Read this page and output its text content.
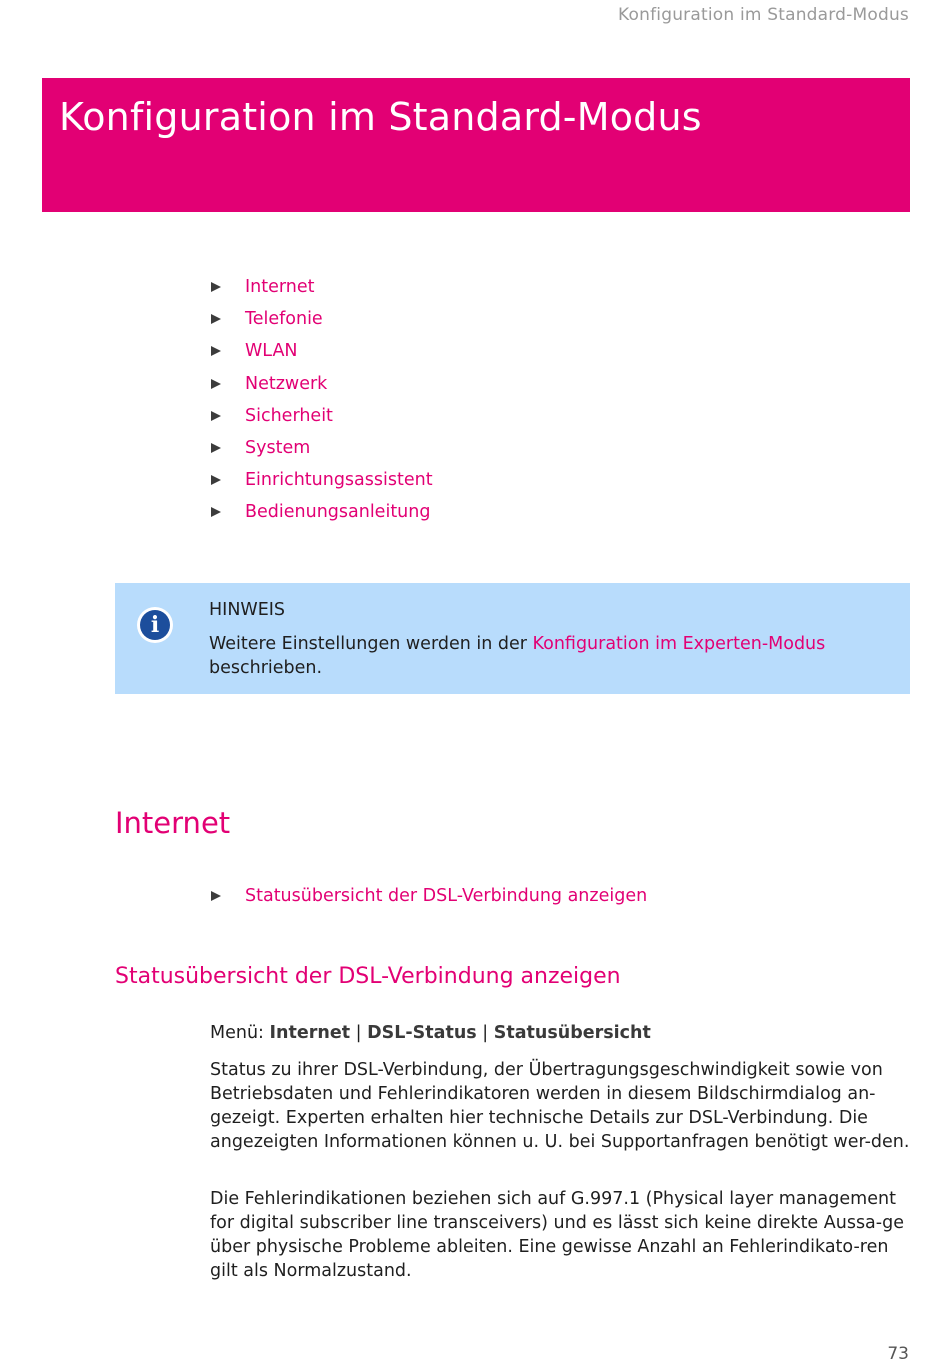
Konfiguration im Standard-Modus
Konfiguration im Standard-Modus
Internet
Telefonie
WLAN
Netzwerk
Sicherheit
System
Einrichtungsassistent
Bedienungsanleitung
i
HINWEIS
Weitere Einstellungen werden in der Konfiguration im Experten-Modus
beschrieben.
Internet
Statusübersicht der DSL-Verbindung anzeigen
Statusübersicht der DSL-Verbindung anzeigen
Menü: Internet | DSL-Status | Statusübersicht

Status zu ihrer DSL-Verbindung, der Übertragungsgeschwindigkeit sowie von Betriebsdaten und Fehlerindikatoren werden in diesem Bildschirmdialog an-gezeigt. Experten erhalten hier technische Details zur DSL-Verbindung. Die angezeigten Informationen können u. U. bei Supportanfragen benötigt wer-den.

Die Fehlerindikationen beziehen sich auf G.997.1 (Physical layer management for digital subscriber line transceivers) und es lässt sich keine direkte Aussa-ge über physische Probleme ableiten. Eine gewisse Anzahl an Fehlerindikato-ren gilt als Normalzustand.

73
